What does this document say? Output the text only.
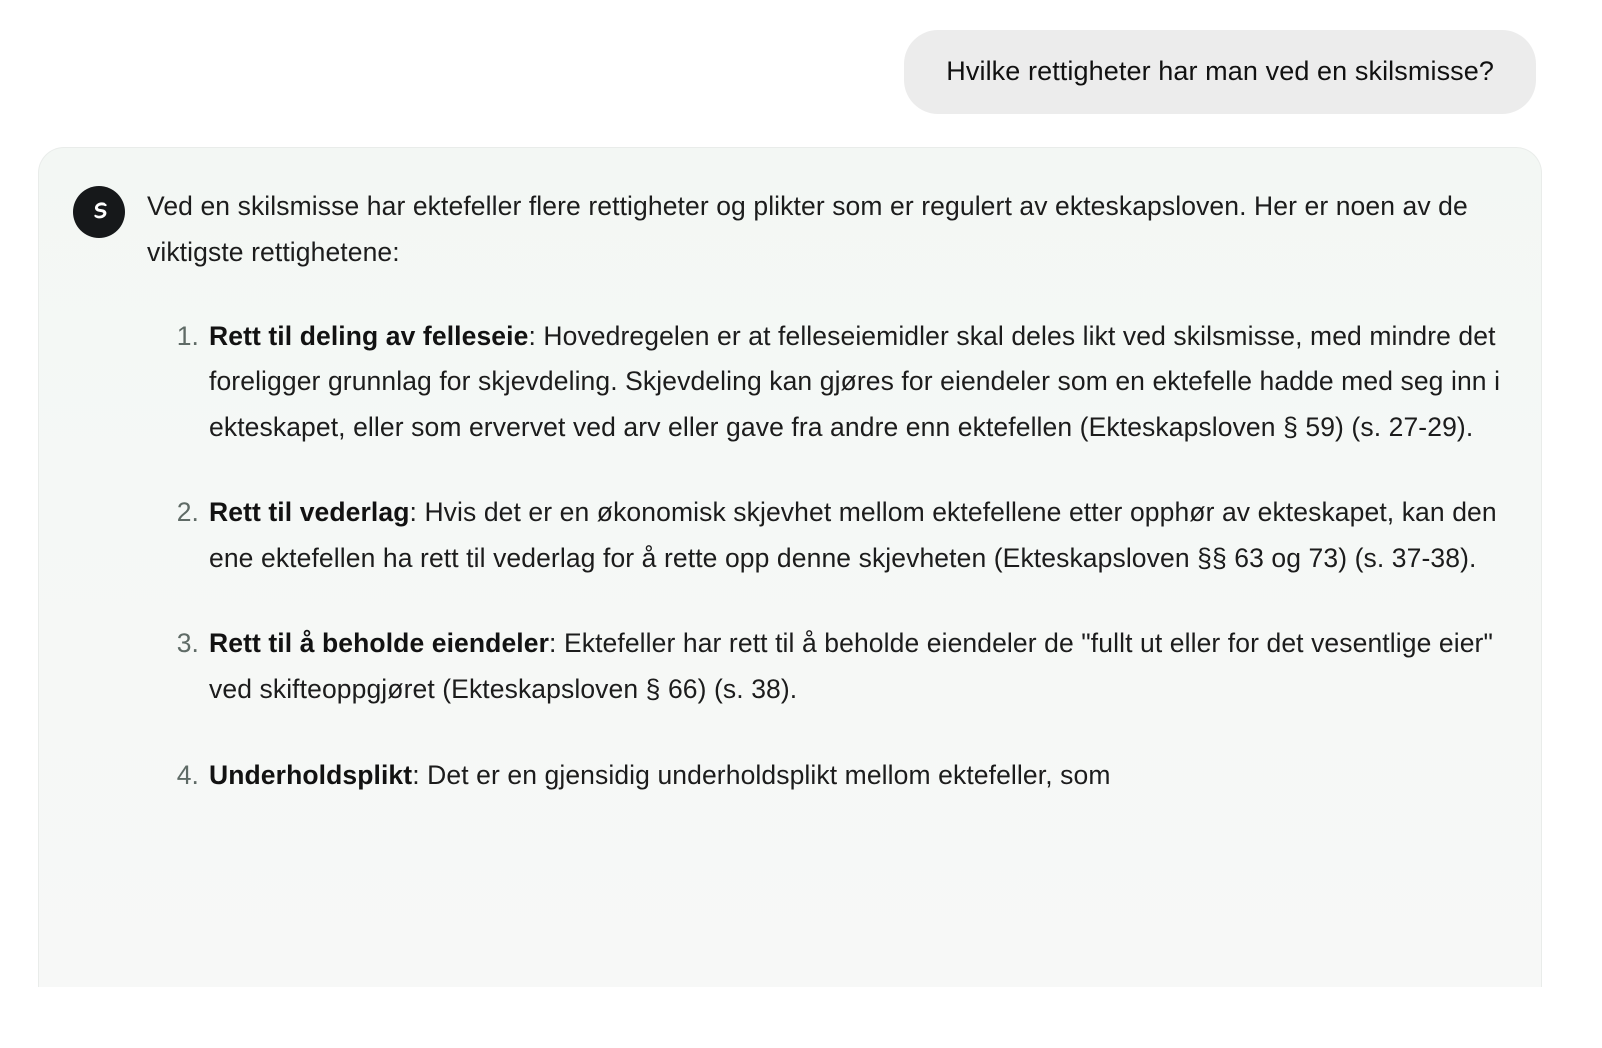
Hvilke rettigheter har man ved en skilsmisse?

Ved en skilsmisse har ektefeller flere rettigheter og plikter som er regulert av ekteskapsloven. Her er noen av de viktigste rettighetene:

Rett til deling av felleseie: Hovedregelen er at felleseiemidler skal deles likt ved skilsmisse, med mindre det foreligger grunnlag for skjevdeling. Skjevdeling kan gjøres for eiendeler som en ektefelle hadde med seg inn i ekteskapet, eller som ervervet ved arv eller gave fra andre enn ektefellen (Ekteskapsloven § 59) (s. 27-29).
Rett til vederlag: Hvis det er en økonomisk skjevhet mellom ektefellene etter opphør av ekteskapet, kan den ene ektefellen ha rett til vederlag for å rette opp denne skjevheten (Ekteskapsloven §§ 63 og 73) (s. 37-38).
Rett til å beholde eiendeler: Ektefeller har rett til å beholde eiendeler de "fullt ut eller for det vesentlige eier" ved skifteoppgjøret (Ekteskapsloven § 66) (s. 38).
Underholdsplikt: Det er en gjensidig underholdsplikt mellom ektefeller, som
